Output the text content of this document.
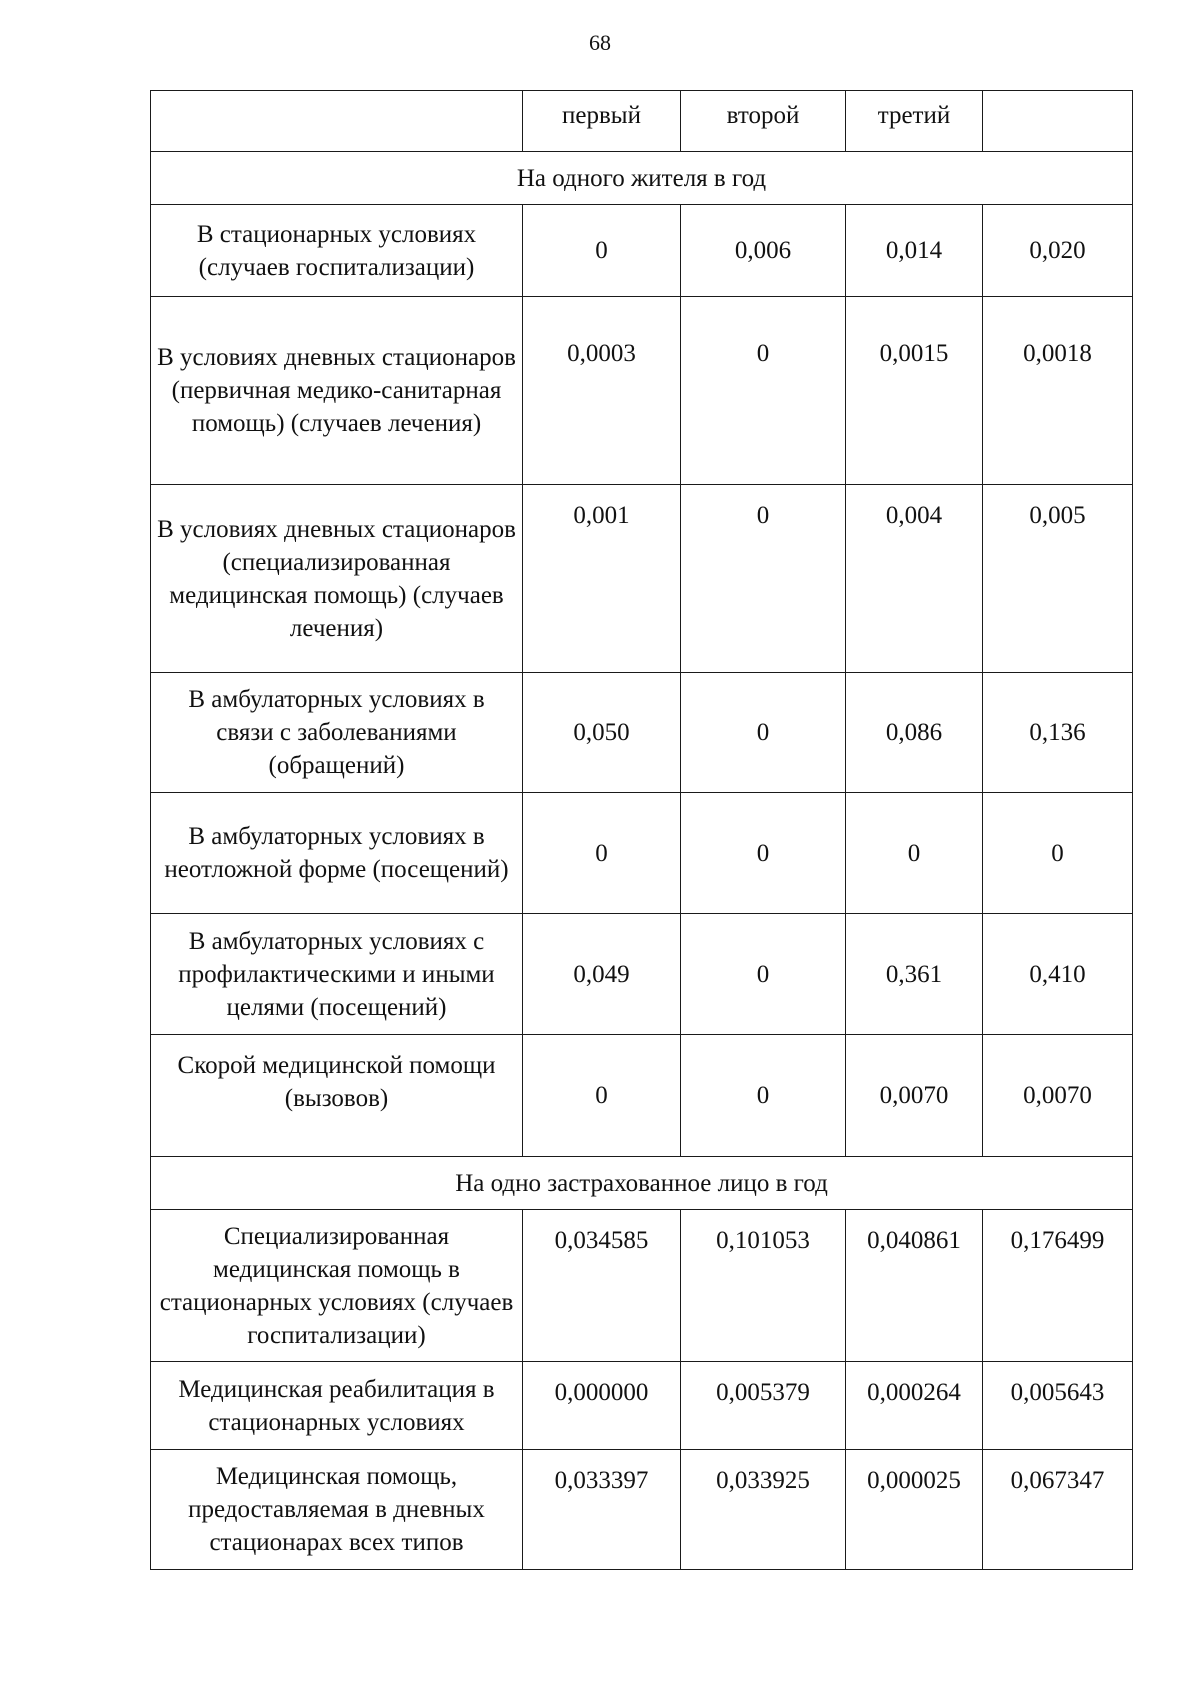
68
	первый	второй	третий	
На одного жителя в год				
В стационарных условиях (случаев госпитализации)	0	0,006	0,014	0,020
В условиях дневных стационаров (первичная медико-санитарная помощь) (случаев лечения)	0,0003	0	0,0015	0,0018
В условиях дневных стационаров (специализированная медицинская помощь) (случаев лечения)	0,001	0	0,004	0,005
В амбулаторных условиях в связи с заболеваниями (обращений)	0,050	0	0,086	0,136
В амбулаторных условиях в неотложной форме (посещений)	0	0	0	0
В амбулаторных условиях с профилактическими и иными целями (посещений)	0,049	0	0,361	0,410
Скорой медицинской помощи (вызовов)	0	0	0,0070	0,0070
На одно застрахованное лицо в год				
Специализированная медицинская помощь в стационарных условиях (случаев госпитализации)	0,034585	0,101053	0,040861	0,176499
Медицинская реабилитация в стационарных условиях	0,000000	0,005379	0,000264	0,005643
Медицинская помощь, предоставляемая в дневных стационарах всех типов	0,033397	0,033925	0,000025	0,067347
